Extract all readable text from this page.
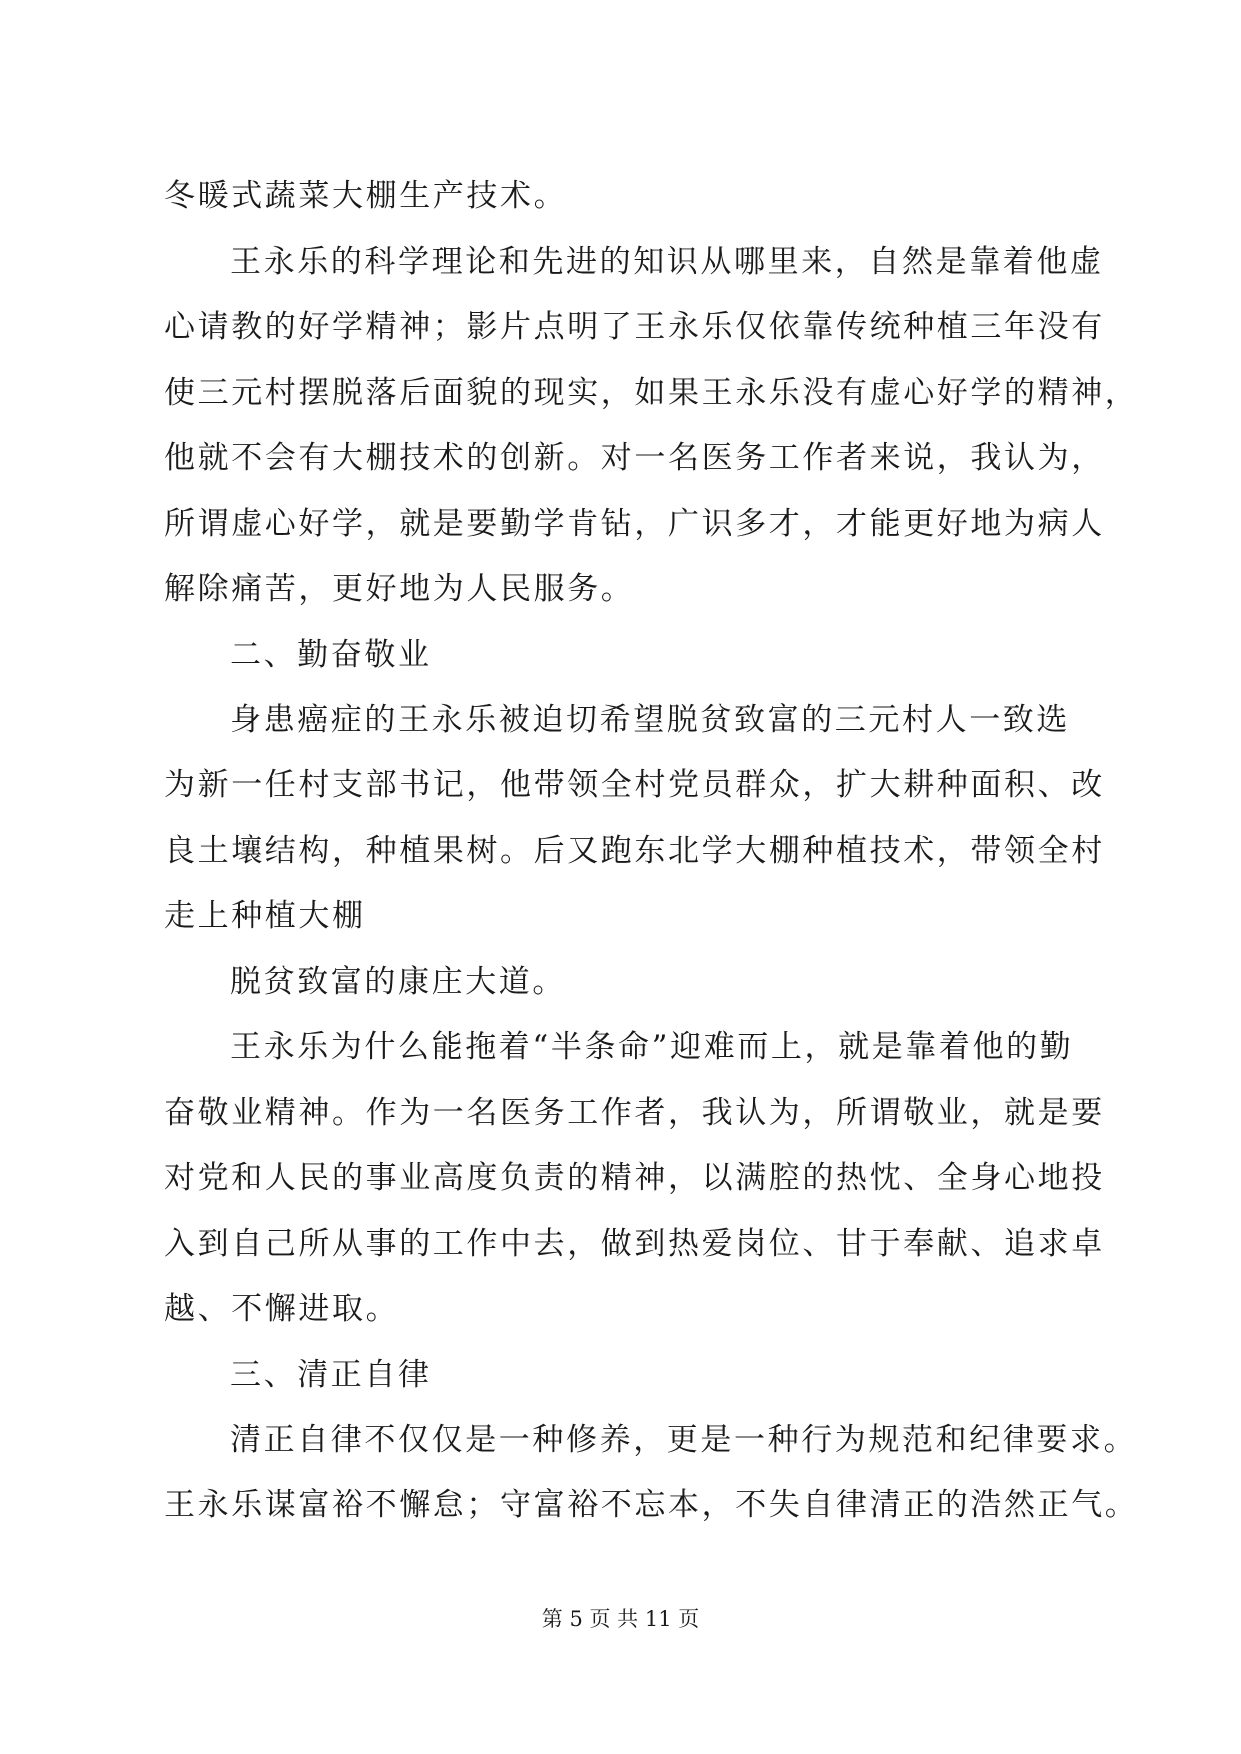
冬暖式蔬菜大棚生产技术。

王永乐的科学理论和先进的知识从哪里来，自然是靠着他虚

心请教的好学精神；影片点明了王永乐仅依靠传统种植三年没有

使三元村摆脱落后面貌的现实，如果王永乐没有虚心好学的精神，

他就不会有大棚技术的创新。对一名医务工作者来说，我认为，

所谓虚心好学，就是要勤学肯钻，广识多才，才能更好地为病人

解除痛苦，更好地为人民服务。

二、勤奋敬业

身患癌症的王永乐被迫切希望脱贫致富的三元村人一致选

为新一任村支部书记，他带领全村党员群众，扩大耕种面积、改

良土壤结构，种植果树。后又跑东北学大棚种植技术，带领全村

走上种植大棚

脱贫致富的康庄大道。

王永乐为什么能拖着“半条命”迎难而上，就是靠着他的勤

奋敬业精神。作为一名医务工作者，我认为，所谓敬业，就是要

对党和人民的事业高度负责的精神，以满腔的热忱、全身心地投

入到自己所从事的工作中去，做到热爱岗位、甘于奉献、追求卓

越、不懈进取。

三、清正自律

清正自律不仅仅是一种修养，更是一种行为规范和纪律要求。

王永乐谋富裕不懈怠；守富裕不忘本，不失自律清正的浩然正气。

第 5 页 共 11 页
